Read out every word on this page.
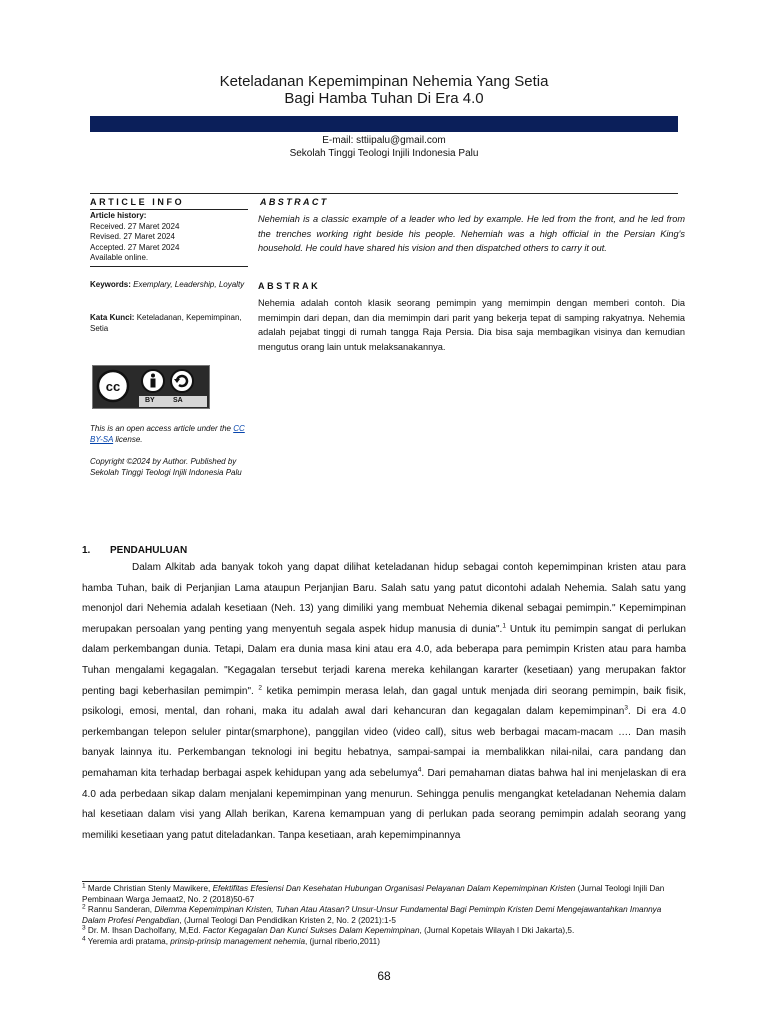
Keteladanan Kepemimpinan Nehemia Yang Setia
Bagi Hamba Tuhan Di Era 4.0
E-mail: sttiipalu@gmail.com
Sekolah Tinggi Teologi Injili Indonesia Palu
ARTICLE INFO
Article history:
Received. 27 Maret 2024
Revised. 27 Maret 2024
Accepted. 27 Maret 2024
Available online.
Keywords: Exemplary, Leadership, Loyalty
Kata Kunci: Keteladanan, Kepemimpinan, Setia
cc
BY	SA
This is an open access article under the CC BY-SA license.
Copyright ©2024 by Author. Published by Sekolah Tinggi Teologi Injili Indonesia Palu
ABSTRACT
Nehemiah is a classic example of a leader who led by example. He led from the front, and he led from the trenches working right beside his people. Nehemiah was a high official in the Persian King's household. He could have shared his vision and then dispatched others to carry it out.
ABSTRAK
Nehemia adalah contoh klasik seorang pemimpin yang memimpin dengan memberi contoh. Dia memimpin dari depan, dan dia memimpin dari parit yang bekerja tepat di samping rakyatnya. Nehemia adalah pejabat tinggi di rumah tangga Raja Persia. Dia bisa saja membagikan visinya dan kemudian mengutus orang lain untuk melaksanakannya.
1. PENDAHULUAN

Dalam Alkitab ada banyak tokoh yang dapat dilihat keteladanan hidup sebagai contoh kepemimpinan kristen atau para hamba Tuhan, baik di Perjanjian Lama ataupun Perjanjian Baru. Salah satu yang patut dicontohi adalah Nehemia. Salah satu yang menonjol dari Nehemia adalah kesetiaan (Neh. 13) yang dimiliki yang membuat Nehemia dikenal sebagai pemimpin." Kepemimpinan merupakan persoalan yang penting yang menyentuh segala aspek hidup manusia di dunia".$^1$ Untuk itu pemimpin sangat di perlukan dalam perkembangan dunia. Tetapi, Dalam era dunia masa kini atau era 4.0, ada beberapa para pemimpin Kristen atau para hamba Tuhan mengalami kegagalan. "Kegagalan tersebut terjadi karena mereka kehilangan kararter (kesetiaan) yang merupakan faktor penting bagi keberhasilan pemimpin". $^2$ ketika pemimpin merasa lelah, dan gagal untuk menjada diri seorang pemimpin, baik fisik, psikologi, emosi, mental, dan rohani, maka itu adalah awal dari kehancuran dan kegagalan dalam kepemimpinan$^3$. Di era 4.0 perkembangan telepon seluler pintar(smarphone), panggilan video (video call), situs web berbagai macam-macam …. Dan masih banyak lainnya itu. Perkembangan teknologi ini begitu hebatnya, sampai-sampai ia membalikkan nilai-nilai, cara pandang dan pemahaman kita terhadap berbagai aspek kehidupan yang ada sebelumya$^4$. Dari pemahaman diatas bahwa hal ini menjelaskan di era 4.0 ada perbedaan sikap dalam menjalani kepemimpinan yang menurun. Sehingga penulis mengangkat keteladanan Nehemia dalam hal kesetiaan dalam visi yang Allah berikan, Karena kemampuan yang di perlukan pada seorang pemimpin adalah seorang yang memiliki kesetiaan yang patut diteladankan. Tanpa kesetiaan, arah kepemimpinannya

$^1$ Marde Christian Stenly Mawikere, Efektifitas Efesiensi Dan Kesehatan Hubungan Organisasi Pelayanan Dalam Kepemimpinan Kristen (Jurnal Teologi Injili Dan Pembinaan Warga Jemaat2, No. 2 (2018)50-67
$^2$ Rannu Sanderan, Dilemma Kepemimpinan Kristen, Tuhan Atau Atasan? Unsur-Unsur Fundamental Bagi Pemimpin Kristen Demi Mengejawantahkan Imannya Dalam Profesi Pengabdian, (Jurnal Teologi Dan Pendidikan Kristen 2, No. 2 (2021):1-5
$^3$ Dr. M. Ihsan Dacholfany, M,Ed. Factor Kegagalan Dan Kunci Sukses Dalam Kepemimpinan, (Jurnal Kopetais Wilayah I Dki Jakarta),5.
$^4$ Yeremia ardi pratama, prinsip-prinsip management nehemia, (jurnal riberio,2011)
68
